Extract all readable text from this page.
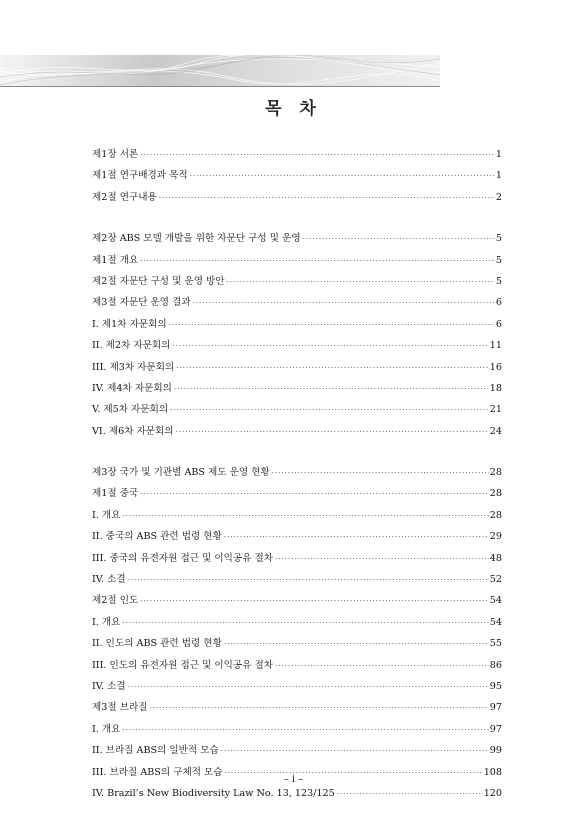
목 차
제1장 서론 ·····	1
제1절 연구배경과 목적 ·····	1
제2절 연구내용 ·····	2
제2장 ABS 모델 개발을 위한 자문단 구성 및 운영 ·····	5
제1절 개요 ·····	5
제2절 자문단 구성 및 운영 방안 ·····	5
제3절 자문단 운영 결과 ·····	6
I. 제1차 자문회의 ·····	6
II. 제2차 자문회의 ·····	11
III. 제3차 자문회의 ·····	16
IV. 제4차 자문회의 ·····	18
V. 제5차 자문회의 ·····	21
VI. 제6차 자문회의 ·····	24
제3장 국가 및 기관별 ABS 제도 운영 현황 ·····	28
제1절 중국 ·····	28
I. 개요 ·····	28
II. 중국의 ABS 관련 법령 현황 ·····	29
III. 중국의 유전자원 접근 및 이익공유 절차 ·····	48
IV. 소결 ·····	52
제2절 인도 ·····	54
I. 개요 ·····	54
II. 인도의 ABS 관련 법령 현황 ·····	55
III. 인도의 유전자원 접근 및 이익공유 절차 ·····	86
IV. 소결 ·····	95
제3절 브라질 ·····	97
I. 개요 ·····	97
II. 브라질 ABS의 일반적 모습 ·····	99
III. 브라질 ABS의 구체적 모습 ·····	108
IV. Brazil’s New Biodiversity Law No. 13, 123/125 ·····	120
– i –
